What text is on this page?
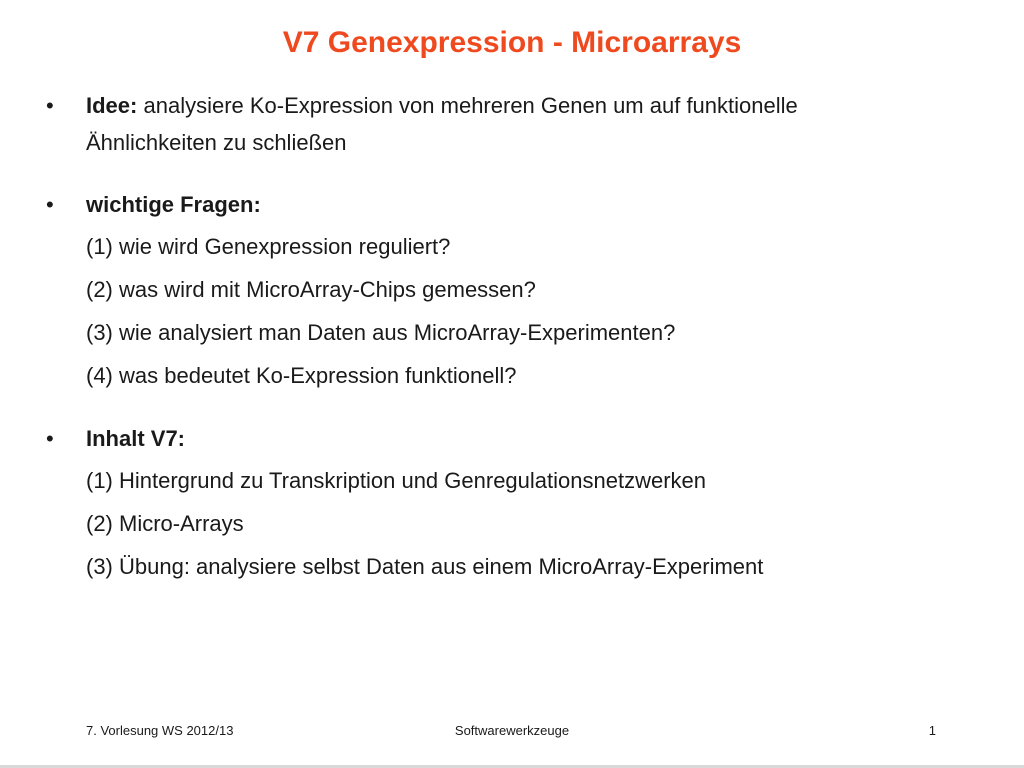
V7 Genexpression - Microarrays
• Idee: analysiere Ko-Expression von mehreren Genen um auf funktionelle
Ähnlichkeiten zu schließen
• wichtige Fragen:
(1) wie wird Genexpression reguliert?
(2) was wird mit MicroArray-Chips gemessen?
(3) wie analysiert man Daten aus MicroArray-Experimenten?
(4) was bedeutet Ko-Expression funktionell?
• Inhalt V7:
(1) Hintergrund zu Transkription und Genregulationsnetzwerken
(2) Micro-Arrays
(3) Übung: analysiere selbst Daten aus einem MicroArray-Experiment
7. Vorlesung WS 2012/13	Softwarewerkzeuge	1
